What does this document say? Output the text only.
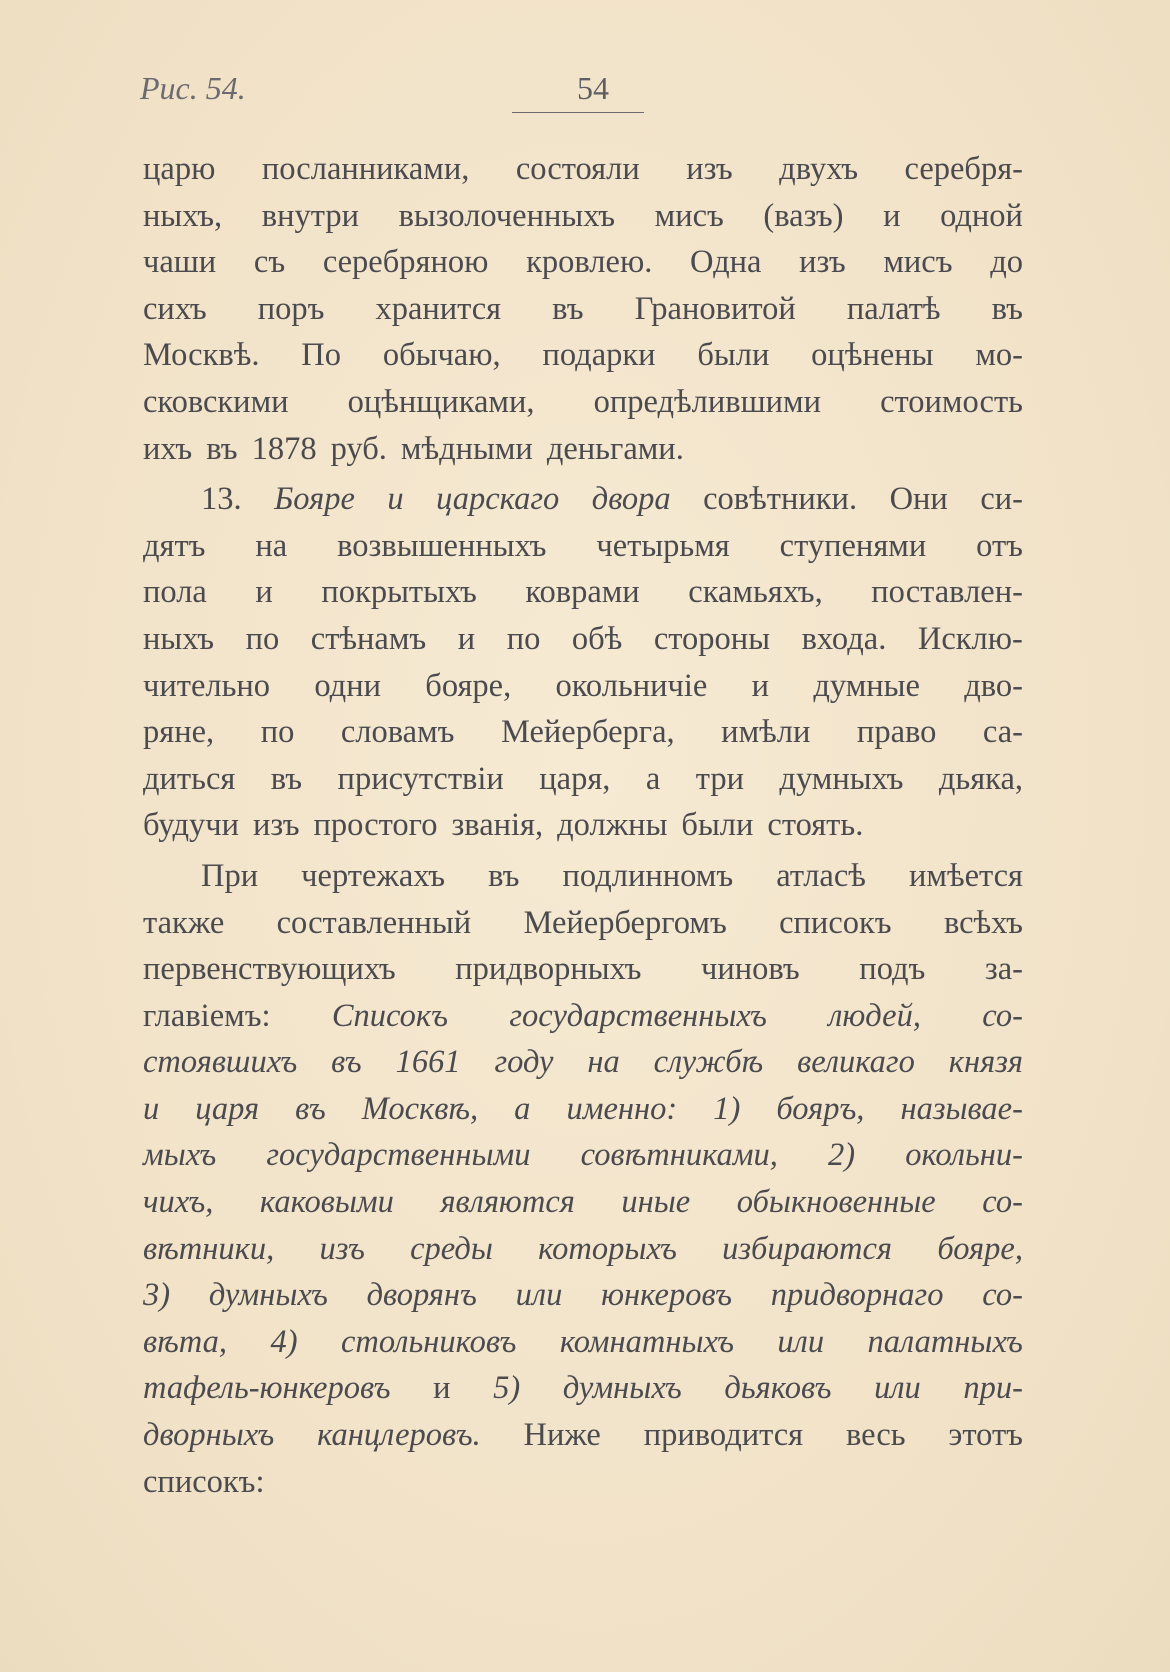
Рис. 54.	54
царю посланниками, состояли изъ двухъ серебря-
ныхъ, внутри вызолоченныхъ мисъ (вазъ) и одной
чаши съ серебряною кровлею. Одна изъ мисъ до
сихъ поръ хранится въ Грановитой палатѣ въ
Москвѣ. По обычаю, подарки были оцѣнены мо-
сковскими оцѣнщиками, опредѣлившими стоимость
ихъ въ 1878 руб. мѣдными деньгами.
13. Бояре и царскаго двора совѣтники. Они си-
дятъ на возвышенныхъ четырьмя ступенями отъ
пола и покрытыхъ коврами скамьяхъ, поставлен-
ныхъ по стѣнамъ и по обѣ стороны входа. Исклю-
чительно одни бояре, окольничіе и думные дво-
ряне, по словамъ Мейерберга, имѣли право са-
диться въ присутствіи царя, а три думныхъ дьяка,
будучи изъ простого званія, должны были стоять.
При чертежахъ въ подлинномъ атласѣ имѣется
также составленный Мейербергомъ списокъ всѣхъ
первенствующихъ придворныхъ чиновъ подъ за-
главіемъ: Списокъ государственныхъ людей, со-
стоявшихъ въ 1661 году на службѣ великаго князя
и царя въ Москвѣ, а именно: 1) бояръ, называе-
мыхъ государственными совѣтниками, 2) окольни-
чихъ, каковыми являются иные обыкновенные со-
вѣтники, изъ среды которыхъ избираются бояре,
3) думныхъ дворянъ или юнкеровъ придворнаго со-
вѣта, 4) стольниковъ комнатныхъ или палатныхъ
тафель-юнкеровъ и 5) думныхъ дьяковъ или при-
дворныхъ канцлеровъ. Ниже приводится весь этотъ
списокъ:
